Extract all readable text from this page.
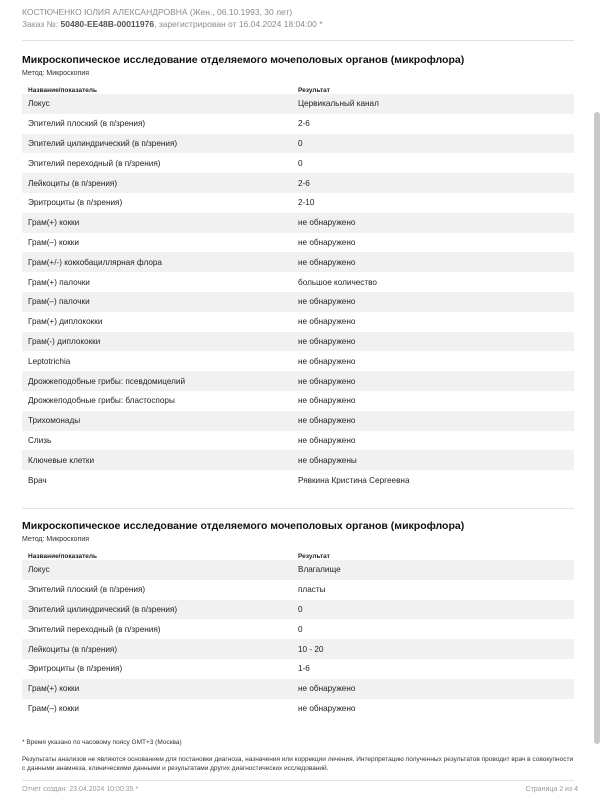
КОСТЮЧЕНКО ЮЛИЯ АЛЕКСАНДРОВНА (Жен., 06.10.1993, 30 лет)
Заказ №: 50480-EE48B-00011976, зарегистрирован от 16.04.2024 18:04:00 *
Микроскопическое исследование отделяемого мочеполовых органов (микрофлора)
Метод: Микроскопия
Название/показатель	Результат
Локус	Цервикальный канал
Эпителий плоский (в п/зрения)	2-6
Эпителий цилиндрический (в п/зрения)	0
Эпителий переходный (в п/зрения)	0
Лейкоциты (в п/зрения)	2-6
Эритроциты (в п/зрения)	2-10
Грам(+) кокки	не обнаружено
Грам(–) кокки	не обнаружено
Грам(+/-) коккобациллярная флора	не обнаружено
Грам(+) палочки	большое количество
Грам(–) палочки	не обнаружено
Грам(+) диплококки	не обнаружено
Грам(-) диплококки	не обнаружено
Leptotrichia	не обнаружено
Дрожжеподобные грибы: псевдомицелий	не обнаружено
Дрожжеподобные грибы: бластоспоры	не обнаружено
Трихомонады	не обнаружено
Слизь	не обнаружено
Ключевые клетки	не обнаружены
Врач	Рявкина Кристина Сергеевна
Микроскопическое исследование отделяемого мочеполовых органов (микрофлора)
Метод: Микроскопия
Название/показатель	Результат
Локус	Влагалище
Эпителий плоский (в п/зрения)	пласты
Эпителий цилиндрический (в п/зрения)	0
Эпителий переходный (в п/зрения)	0
Лейкоциты (в п/зрения)	10 - 20
Эритроциты (в п/зрения)	1-6
Грам(+) кокки	не обнаружено
Грам(–) кокки	не обнаружено
* Время указано по часовому поясу GMT+3 (Москва)
Результаты анализов не являются основанием для постановки диагноза, назначения или коррекции лечения. Интерпретацию полученных результатов проводит врач в совокупности с данными анамнеза, клиническими данными и результатами других диагностических исследований.
Отчет создан: 23.04.2024 10:00:35 *	Страница 2 из 4
